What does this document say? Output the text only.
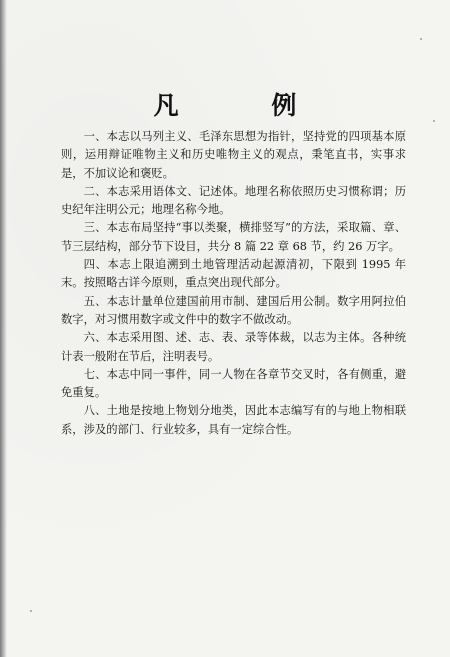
凡 例

一、本志以马列主义、毛泽东思想为指针，坚持党的四项基本原则，运用辩证唯物主义和历史唯物主义的观点，秉笔直书，实事求是，不加议论和褒贬。

二、本志采用语体文、记述体。地理名称依照历史习惯称谓；历史纪年注明公元；地理名称今地。

三、本志布局坚持“事以类聚，横排竖写”的方法，采取篇、章、节三层结构，部分节下设目，共分 8 篇 22 章 68 节，约 26 万字。

四、本志上限追溯到土地管理活动起源清初，下限到 1995 年末。按照略古详今原则，重点突出现代部分。

五、本志计量单位建国前用市制、建国后用公制。数字用阿拉伯数字，对习惯用数字或文件中的数字不做改动。

六、本志采用图、述、志、表、录等体裁，以志为主体。各种统计表一般附在节后，注明表号。

七、本志中同一事件，同一人物在各章节交叉时，各有侧重，避免重复。

八、土地是按地上物划分地类，因此本志编写有的与地上物相联系，涉及的部门、行业较多，具有一定综合性。
